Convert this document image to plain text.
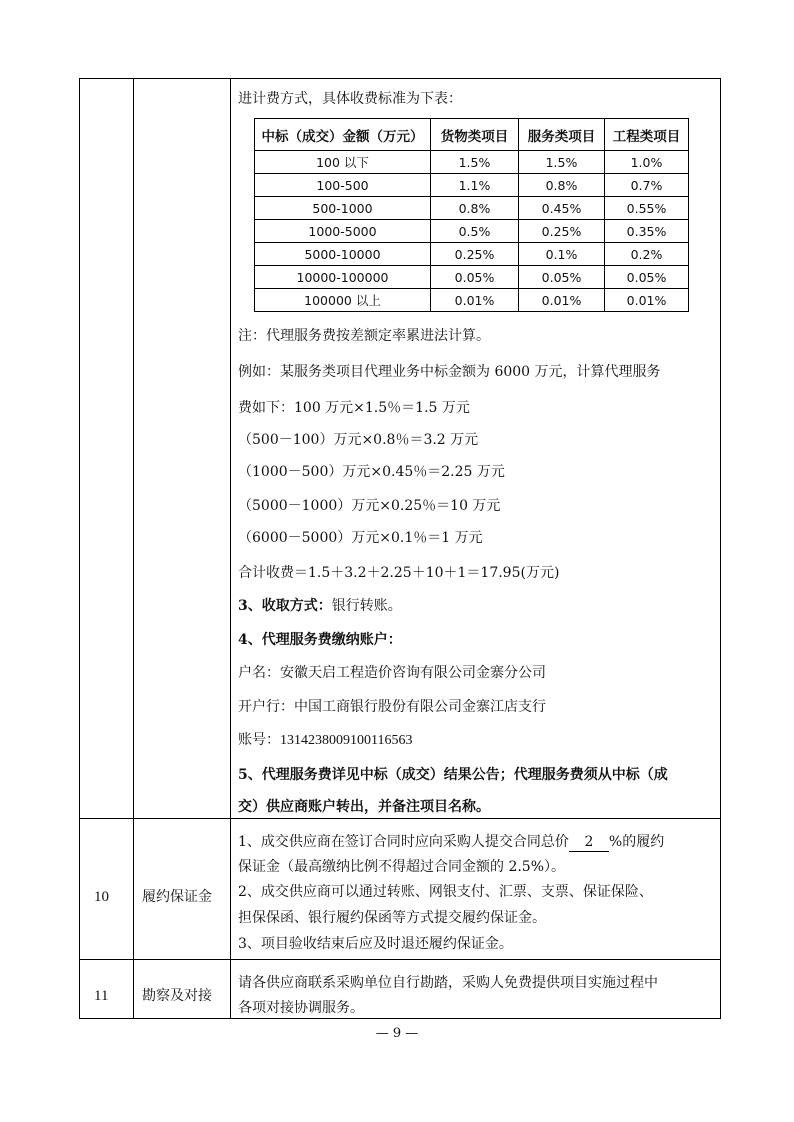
进计费方式，具体收费标准为下表：
中标（成交）金额（万元）	货物类项目	服务类项目	工程类项目
100 以下	1.5%	1.5%	1.0%
100-500	1.1%	0.8%	0.7%
500-1000	0.8%	0.45%	0.55%
1000-5000	0.5%	0.25%	0.35%
5000-10000	0.25%	0.1%	0.2%
10000-100000	0.05%	0.05%	0.05%
100000 以上	0.01%	0.01%	0.01%
注：代理服务费按差额定率累进法计算。
例如：某服务类项目代理业务中标金额为 6000 万元，计算代理服务
费如下：100 万元×1.5％＝1.5 万元
（500－100）万元×0.8％＝3.2 万元
（1000－500）万元×0.45％＝2.25 万元
（5000－1000）万元×0.25％＝10 万元
（6000－5000）万元×0.1％＝1 万元
合计收费＝1.5＋3.2＋2.25＋10＋1＝17.95(万元)
3、收取方式：银行转账。
4、代理服务费缴纳账户：
户名：安徽天启工程造价咨询有限公司金寨分公司
开户行：中国工商银行股份有限公司金寨江店支行
账号：1314238009100116563
5、代理服务费详见中标（成交）结果公告；代理服务费须从中标（成
交）供应商账户转出，并备注项目名称。
10 履约保证金
1、成交供应商在签订合同时应向采购人提交合同总价 2 %的履约
保证金（最高缴纳比例不得超过合同金额的 2.5%）。
2、成交供应商可以通过转账、网银支付、汇票、支票、保证保险、
担保保函、银行履约保函等方式提交履约保证金。
3、项目验收结束后应及时退还履约保证金。
11 勘察及对接
请各供应商联系采购单位自行勘踏，采购人免费提供项目实施过程中
各项对接协调服务。
— 9 —
